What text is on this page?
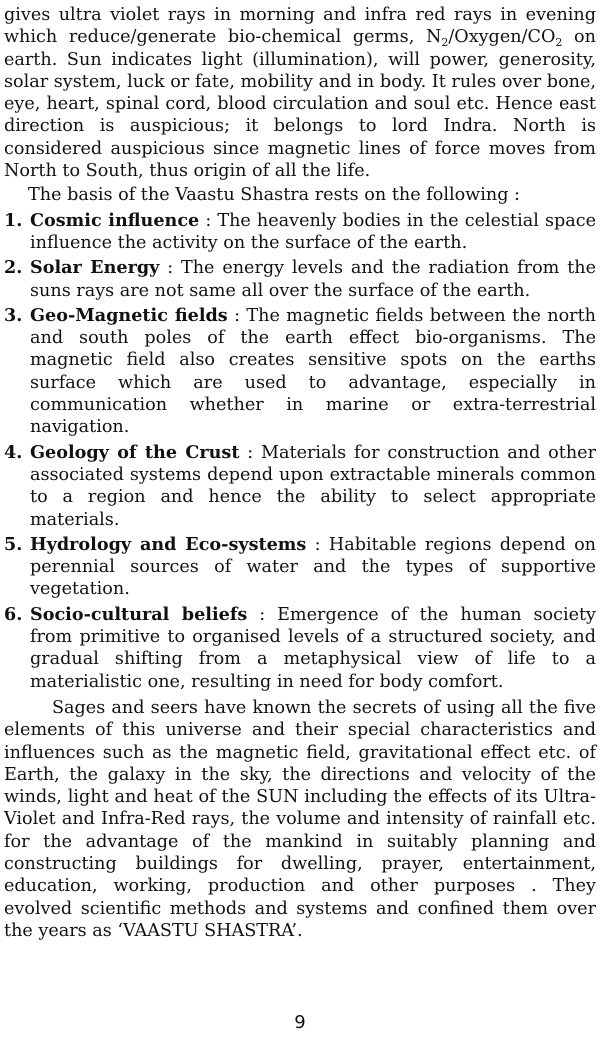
gives ultra violet rays in morning and infra red rays in evening which reduce/generate bio-chemical germs, $N_2/Oxygen/CO_2$ on earth. Sun indicates light (illumination), will power, generosity, solar system, luck or fate, mobility and in body. It rules over bone, eye, heart, spinal cord, blood circulation and soul etc. Hence east direction is auspicious; it belongs to lord Indra. North is considered auspicious since magnetic lines of force moves from North to South, thus origin of all the life.

The basis of the Vaastu Shastra rests on the following :

1. Cosmic influence : The heavenly bodies in the celestial space influence the activity on the surface of the earth.
2. Solar Energy : The energy levels and the radiation from the suns rays are not same all over the surface of the earth.
3. Geo-Magnetic fields : The magnetic fields between the north and south poles of the earth effect bio-organisms. The magnetic field also creates sensitive spots on the earths surface which are used to advantage, especially in communication whether in marine or extra-terrestrial navigation.
4. Geology of the Crust : Materials for construction and other associated systems depend upon extractable minerals common to a region and hence the ability to select appropriate materials.
5. Hydrology and Eco-systems : Habitable regions depend on perennial sources of water and the types of supportive vegetation.
6. Socio-cultural beliefs : Emergence of the human society from primitive to organised levels of a structured society, and gradual shifting from a metaphysical view of life to a materialistic one, resulting in need for body comfort.

Sages and seers have known the secrets of using all the five elements of this universe and their special characteristics and influences such as the magnetic field, gravitational effect etc. of Earth, the galaxy in the sky, the directions and velocity of the winds, light and heat of the SUN including the effects of its Ultra-Violet and Infra-Red rays, the volume and intensity of rainfall etc. for the advantage of the mankind in suitably planning and constructing buildings for dwelling, prayer, entertainment, education, working, production and other purposes . They evolved scientific methods and systems and confined them over the years as ‘VAASTU SHASTRA’.

9
